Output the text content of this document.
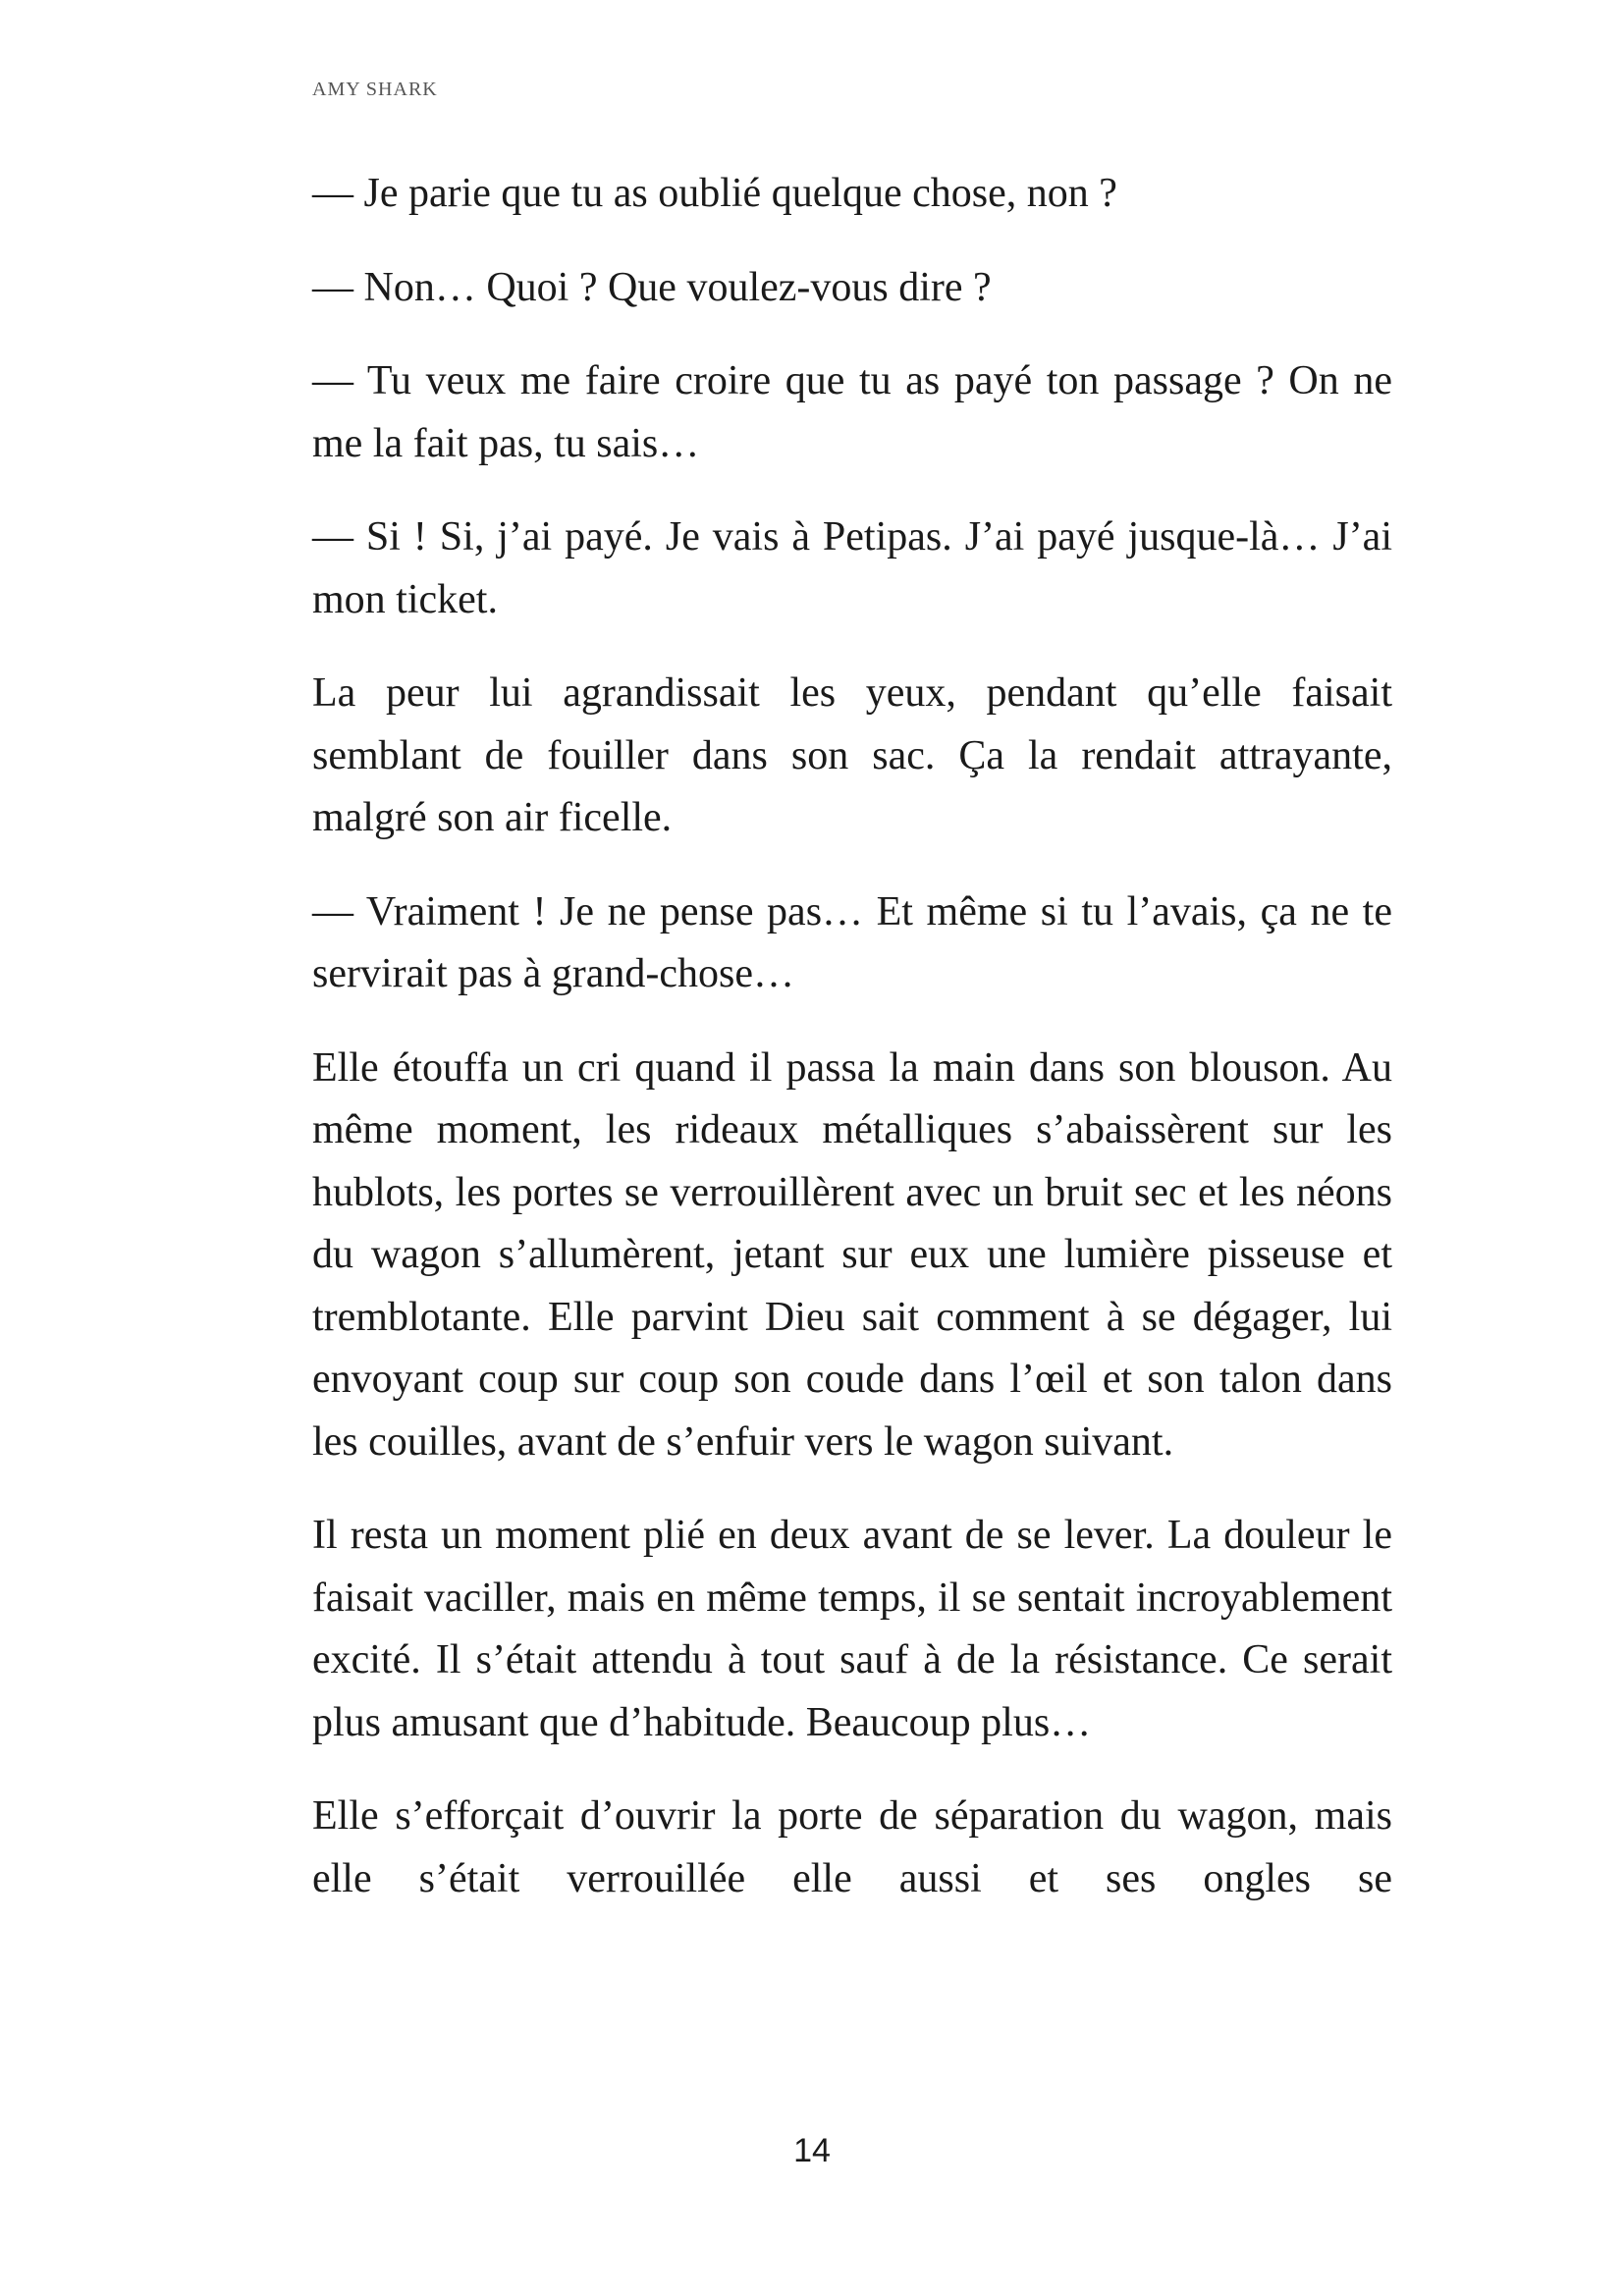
AMY SHARK

— Je parie que tu as oublié quelque chose, non ?

— Non… Quoi ? Que voulez-vous dire ?

— Tu veux me faire croire que tu as payé ton passage ? On ne me la fait pas, tu sais…

— Si ! Si, j’ai payé. Je vais à Petipas. J’ai payé jusque-là… J’ai mon ticket.

La peur lui agrandissait les yeux, pendant qu’elle faisait semblant de fouiller dans son sac. Ça la rendait attrayante, malgré son air ficelle.

— Vraiment ! Je ne pense pas… Et même si tu l’avais, ça ne te servirait pas à grand-chose…

Elle étouffa un cri quand il passa la main dans son blouson. Au même moment, les rideaux métalliques s’abaissèrent sur les hublots, les portes se verrouillèrent avec un bruit sec et les néons du wagon s’allumèrent, jetant sur eux une lumière pisseuse et tremblotante. Elle parvint Dieu sait comment à se dégager, lui envoyant coup sur coup son coude dans l’œil et son talon dans les couilles, avant de s’enfuir vers le wagon suivant.

Il resta un moment plié en deux avant de se lever. La douleur le faisait vaciller, mais en même temps, il se sentait incroyablement excité. Il s’était attendu à tout sauf à de la résistance. Ce serait plus amusant que d’habitude. Beaucoup plus…

Elle s’efforçait d’ouvrir la porte de séparation du wagon, mais elle s’était verrouillée elle aussi et ses ongles se

14
